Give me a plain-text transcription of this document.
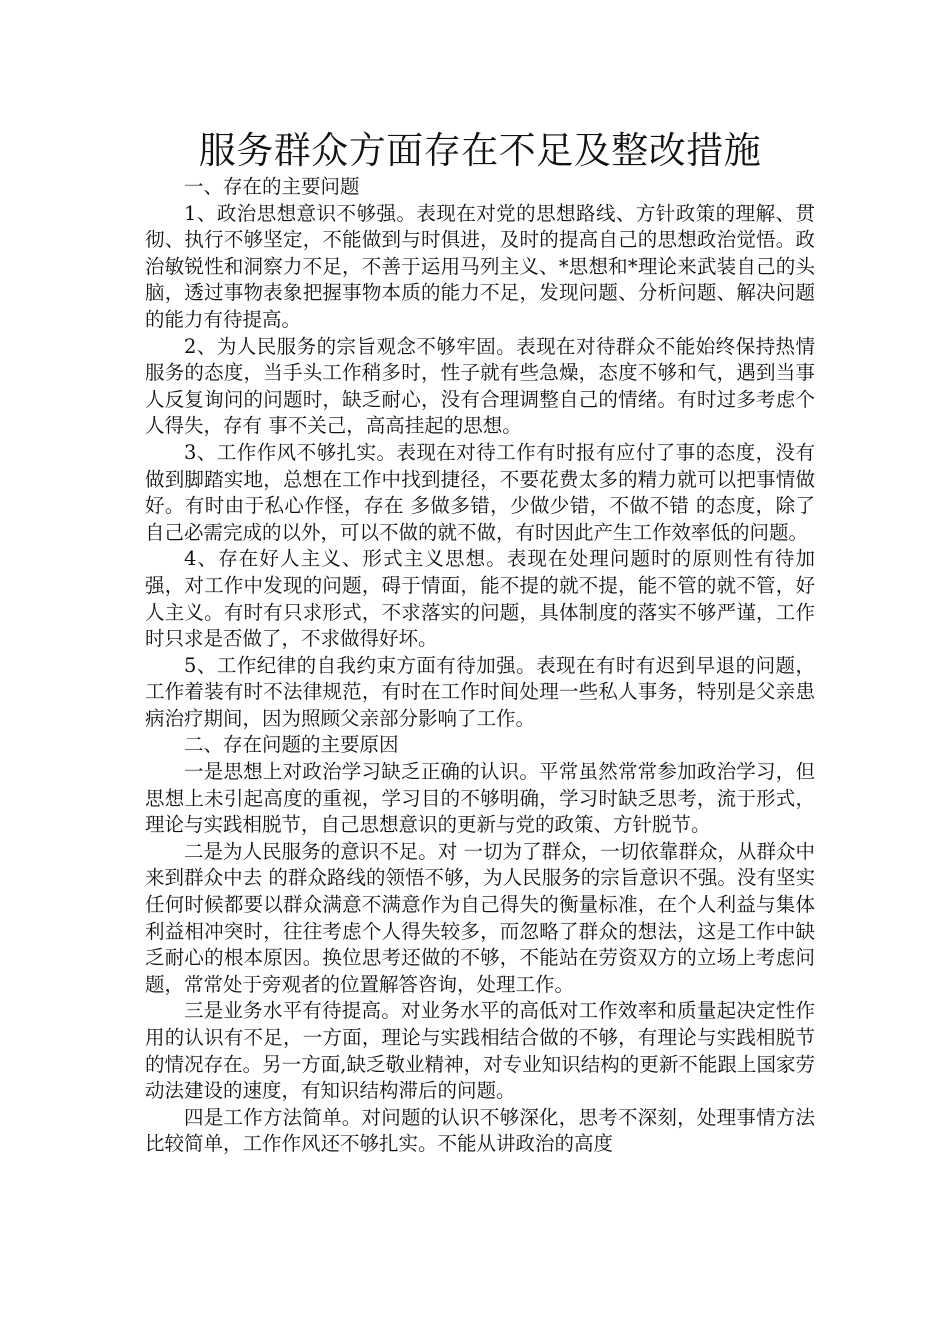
服务群众方面存在不足及整改措施

一、存在的主要问题

1、政治思想意识不够强。表现在对党的思想路线、方针政策的理解、贯彻、执行不够坚定，不能做到与时俱进，及时的提高自己的思想政治觉悟。政治敏锐性和洞察力不足，不善于运用马列主义、*思想和*理论来武装自己的头脑，透过事物表象把握事物本质的能力不足，发现问题、分析问题、解决问题的能力有待提高。

2、为人民服务的宗旨观念不够牢固。表现在对待群众不能始终保持热情服务的态度，当手头工作稍多时，性子就有些急燥，态度不够和气，遇到当事人反复询问的问题时，缺乏耐心，没有合理调整自己的情绪。有时过多考虑个人得失，存有 事不关己，高高挂起的思想。

3、工作作风不够扎实。表现在对待工作有时报有应付了事的态度，没有做到脚踏实地，总想在工作中找到捷径，不要花费太多的精力就可以把事情做好。有时由于私心作怪，存在 多做多错，少做少错，不做不错 的态度，除了自己必需完成的以外，可以不做的就不做，有时因此产生工作效率低的问题。

4、存在好人主义、形式主义思想。表现在处理问题时的原则性有待加强，对工作中发现的问题，碍于情面，能不提的就不提，能不管的就不管，好人主义。有时有只求形式，不求落实的问题，具体制度的落实不够严谨，工作时只求是否做了，不求做得好坏。

5、工作纪律的自我约束方面有待加强。表现在有时有迟到早退的问题，工作着装有时不法律规范，有时在工作时间处理一些私人事务，特别是父亲患病治疗期间，因为照顾父亲部分影响了工作。

二、存在问题的主要原因

一是思想上对政治学习缺乏正确的认识。平常虽然常常参加政治学习，但思想上未引起高度的重视，学习目的不够明确，学习时缺乏思考，流于形式，理论与实践相脱节，自己思想意识的更新与党的政策、方针脱节。

二是为人民服务的意识不足。对 一切为了群众，一切依靠群众，从群众中来到群众中去 的群众路线的领悟不够，为人民服务的宗旨意识不强。没有坚实任何时候都要以群众满意不满意作为自己得失的衡量标准，在个人利益与集体利益相冲突时，往往考虑个人得失较多，而忽略了群众的想法，这是工作中缺乏耐心的根本原因。换位思考还做的不够，不能站在劳资双方的立场上考虑问题，常常处于旁观者的位置解答咨询，处理工作。

三是业务水平有待提高。对业务水平的高低对工作效率和质量起决定性作用的认识有不足，一方面，理论与实践相结合做的不够，有理论与实践相脱节的情况存在。另一方面,缺乏敬业精神，对专业知识结构的更新不能跟上国家劳动法建设的速度，有知识结构滞后的问题。

四是工作方法简单。对问题的认识不够深化，思考不深刻，处理事情方法比较简单，工作作风还不够扎实。不能从讲政治的高度
